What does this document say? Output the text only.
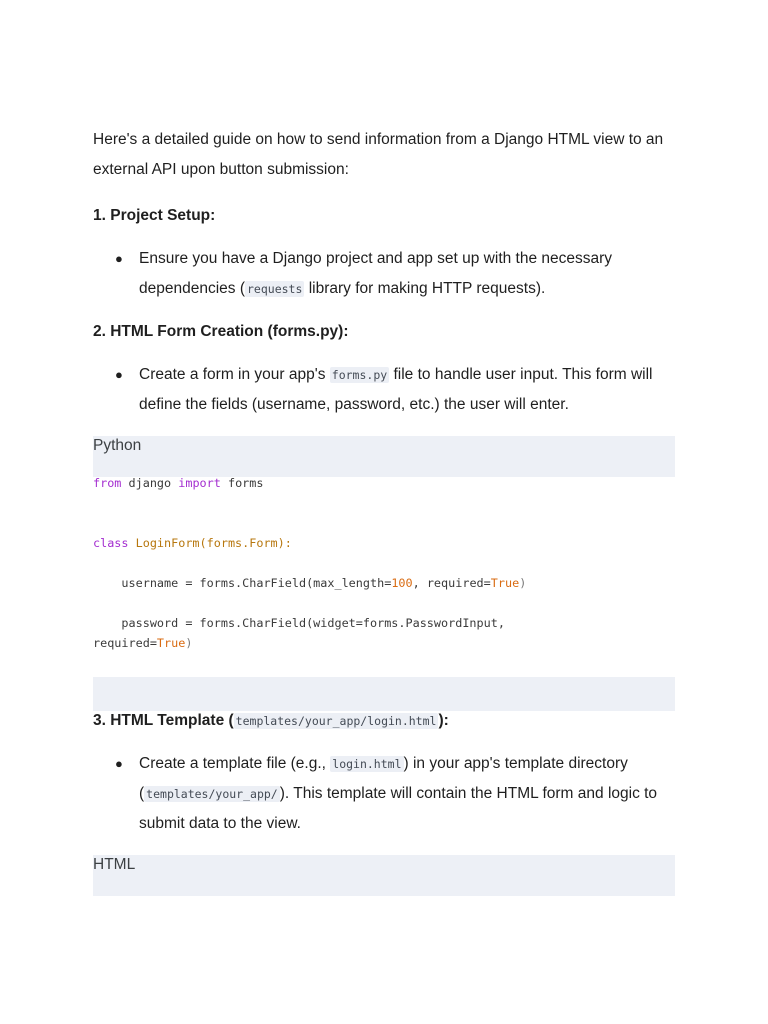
Here's a detailed guide on how to send information from a Django HTML view to an external API upon button submission:

1. Project Setup:

● Ensure you have a Django project and app set up with the necessary dependencies ( requests library for making HTTP requests).

2. HTML Form Creation (forms.py):

● Create a form in your app's forms.py file to handle user input. This form will define the fields (username, password, etc.) the user will enter.
Python
from django import forms

class LoginForm(forms.Form):

username = forms.CharField(max_length=100, required=True)

password = forms.CharField(widget=forms.PasswordInput,
required=True)

3. HTML Template ( templates/your_app/login.html ):

● Create a template file (e.g., login.html ) in your app's template directory ( templates/your_app/ ). This template will contain the HTML form and logic to submit data to the view.
HTML
